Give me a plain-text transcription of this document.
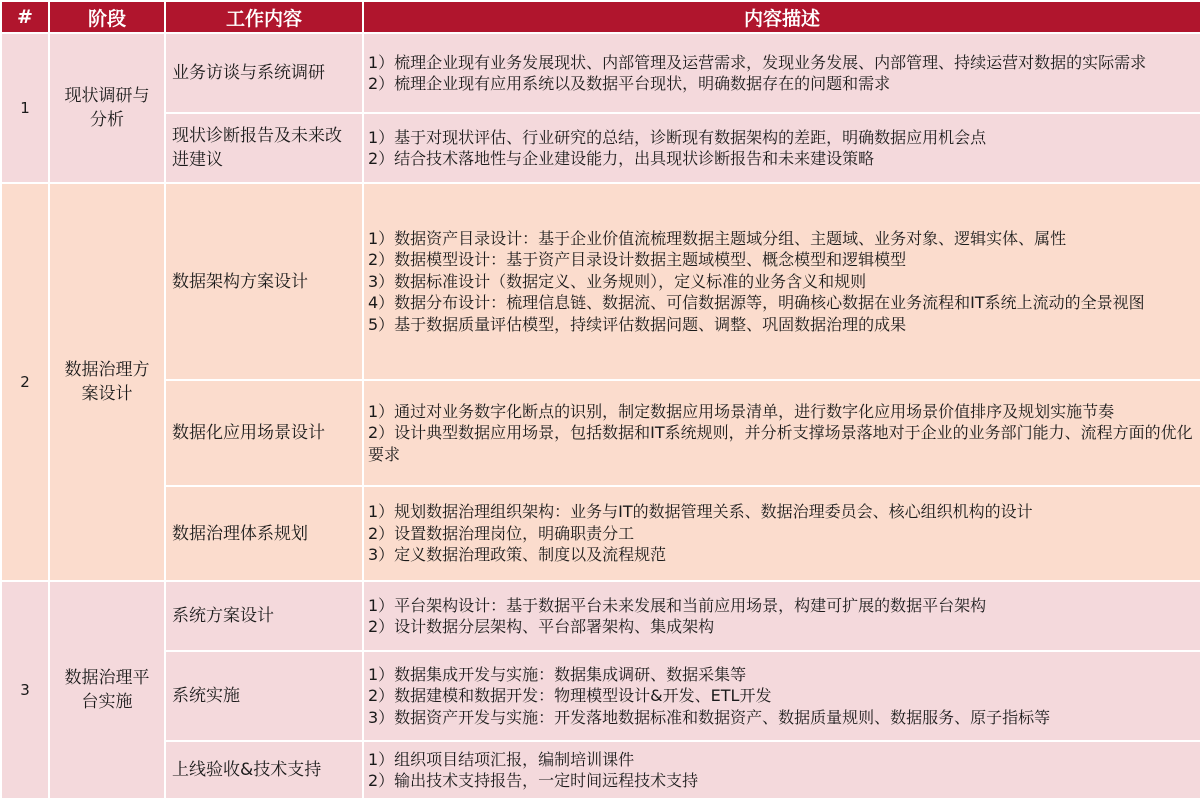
#	阶段	工作内容	内容描述
1	现状调研与分析	业务访谈与系统调研	1）梳理企业现有业务发展现状、内部管理及运营需求，发现业务发展、内部管理、持续运营对数据的实际需求
2）梳理企业现有应用系统以及数据平台现状，明确数据存在的问题和需求

		现状诊断报告及未来改进建议	1）基于对现状评估、行业研究的总结，诊断现有数据架构的差距，明确数据应用机会点
2）结合技术落地性与企业建设能力，出具现状诊断报告和未来建设策略

2	数据治理方案设计	数据架构方案设计	1）数据资产目录设计：基于企业价值流梳理数据主题域分组、主题域、业务对象、逻辑实体、属性
2）数据模型设计：基于资产目录设计数据主题域模型、概念模型和逻辑模型
3）数据标准设计（数据定义、业务规则），定义标准的业务含义和规则
4）数据分布设计：梳理信息链、数据流、可信数据源等，明确核心数据在业务流程和IT系统上流动的全景视图
5）基于数据质量评估模型，持续评估数据问题、调整、巩固数据治理的成果

		数据化应用场景设计	1）通过对业务数字化断点的识别，制定数据应用场景清单，进行数字化应用场景价值排序及规划实施节奏
2）设计典型数据应用场景，包括数据和IT系统规则，并分析支撑场景落地对于企业的业务部门能力、流程方面的优化要求

		数据治理体系规划	1）规划数据治理组织架构：业务与IT的数据管理关系、数据治理委员会、核心组织机构的设计
2）设置数据治理岗位，明确职责分工
3）定义数据治理政策、制度以及流程规范

3	数据治理平台实施	系统方案设计	1）平台架构设计：基于数据平台未来发展和当前应用场景，构建可扩展的数据平台架构
2）设计数据分层架构、平台部署架构、集成架构

		系统实施	1）数据集成开发与实施：数据集成调研、数据采集等
2）数据建模和数据开发：物理模型设计&开发、ETL开发
3）数据资产开发与实施：开发落地数据标准和数据资产、数据质量规则、数据服务、原子指标等

		上线验收&技术支持	1）组织项目结项汇报，编制培训课件
2）输出技术支持报告，一定时间远程技术支持
